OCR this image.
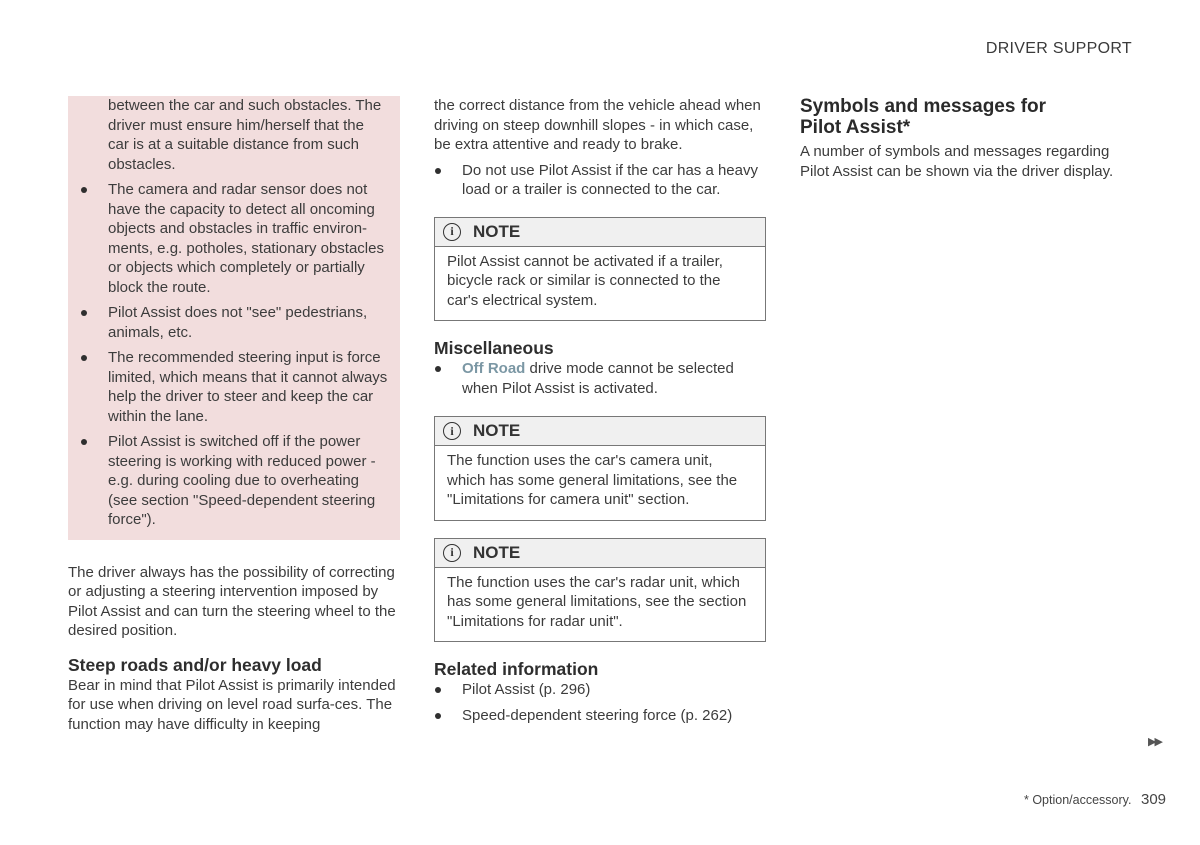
DRIVER SUPPORT

between the car and such obstacles. The driver must ensure him/herself that the car is at a suitable distance from such obstacles.

The camera and radar sensor does not have the capacity to detect all oncoming objects and obstacles in traffic environ-ments, e.g. potholes, stationary obstacles or objects which completely or partially block the route.
Pilot Assist does not "see" pedestrians, animals, etc.
The recommended steering input is force limited, which means that it cannot always help the driver to steer and keep the car within the lane.
Pilot Assist is switched off if the power steering is working with reduced power - e.g. during cooling due to overheating (see section "Speed-dependent steering force").

The driver always has the possibility of correcting or adjusting a steering intervention imposed by Pilot Assist and can turn the steering wheel to the desired position.

Steep roads and/or heavy load

Bear in mind that Pilot Assist is primarily intended for use when driving on level road surfa-ces. The function may have difficulty in keeping

the correct distance from the vehicle ahead when driving on steep downhill slopes - in which case, be extra attentive and ready to brake.

Do not use Pilot Assist if the car has a heavy load or a trailer is connected to the car.
i	NOTE
Pilot Assist cannot be activated if a trailer, bicycle rack or similar is connected to the car's electrical system.
Miscellaneous
Off Road drive mode cannot be selected when Pilot Assist is activated.
i	NOTE
The function uses the car's camera unit, which has some general limitations, see the "Limitations for camera unit" section.
i	NOTE
The function uses the car's radar unit, which has some general limitations, see the section "Limitations for radar unit".
Related information
Pilot Assist (p. 296)
Speed-dependent steering force (p. 262)
Symbols and messages for
Pilot Assist*

A number of symbols and messages regarding Pilot Assist can be shown via the driver display.

▶▶
* Option/accessory. 309
